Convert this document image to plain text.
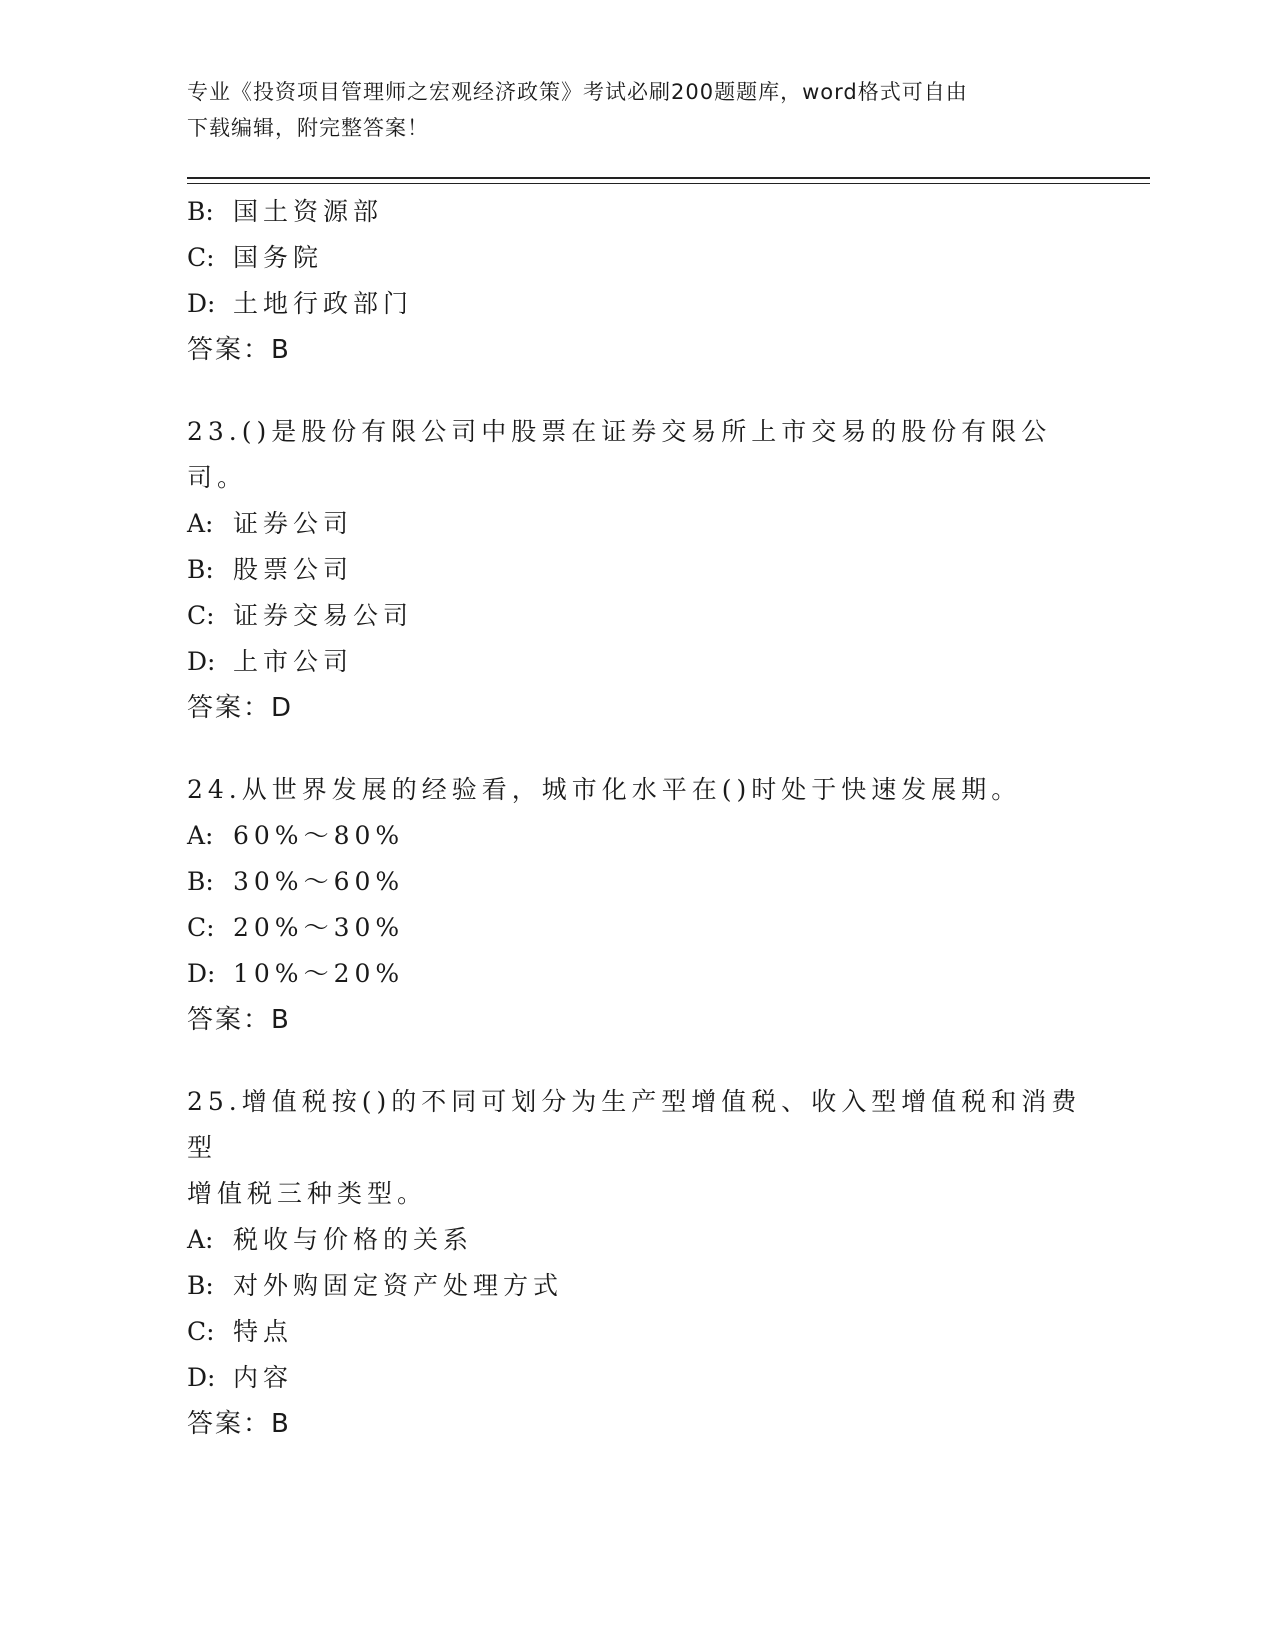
专业《投资项目管理师之宏观经济政策》考试必刷200题题库，word格式可自由
下载编辑，附完整答案！
B: 国土资源部
C: 国务院
D: 土地行政部门
答案：B
23.()是股份有限公司中股票在证券交易所上市交易的股份有限公司。
A: 证券公司
B: 股票公司
C: 证券交易公司
D: 上市公司
答案：D
24.从世界发展的经验看，城市化水平在()时处于快速发展期。
A: 60%～80%
B: 30%～60%
C: 20%～30%
D: 10%～20%
答案：B
25.增值税按()的不同可划分为生产型增值税、收入型增值税和消费型
增值税三种类型。
A: 税收与价格的关系
B: 对外购固定资产处理方式
C: 特点
D: 内容
答案：B
